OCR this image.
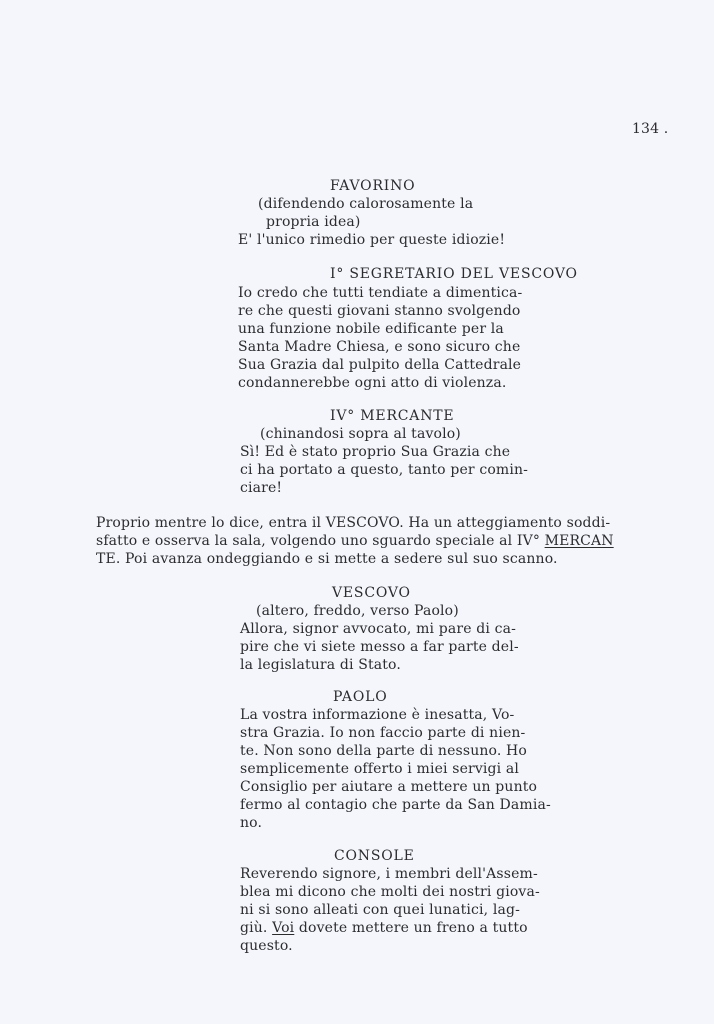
134 .
FAVORINO
(difendendo calorosamente la
propria idea)
E' l'unico rimedio per queste idiozie!
I° SEGRETARIO DEL VESCOVO
Io credo che tutti tendiate a dimentica-
re che questi giovani stanno svolgendo
una funzione nobile edificante per la
Santa Madre Chiesa, e sono sicuro che
Sua Grazia dal pulpito della Cattedrale
condannerebbe ogni atto di violenza.
IV° MERCANTE
(chinandosi sopra al tavolo)
Sì! Ed è stato proprio Sua Grazia che
ci ha portato a questo, tanto per comin-
ciare!
Proprio mentre lo dice, entra il VESCOVO. Ha un atteggiamento soddi-
sfatto e osserva la sala, volgendo uno sguardo speciale al IV° MERCAN
TE. Poi avanza ondeggiando e si mette a sedere sul suo scanno.
VESCOVO
(altero, freddo, verso Paolo)
Allora, signor avvocato, mi pare di ca-
pire che vi siete messo a far parte del-
la legislatura di Stato.
PAOLO
La vostra informazione è inesatta, Vo-
stra Grazia. Io non faccio parte di nien-
te. Non sono della parte di nessuno. Ho
semplicemente offerto i miei servigi al
Consiglio per aiutare a mettere un punto
fermo al contagio che parte da San Damia-
no.
CONSOLE
Reverendo signore, i membri dell'Assem-
blea mi dicono che molti dei nostri giova-
ni si sono alleati con quei lunatici, lag-
giù. Voi dovete mettere un freno a tutto
questo.
